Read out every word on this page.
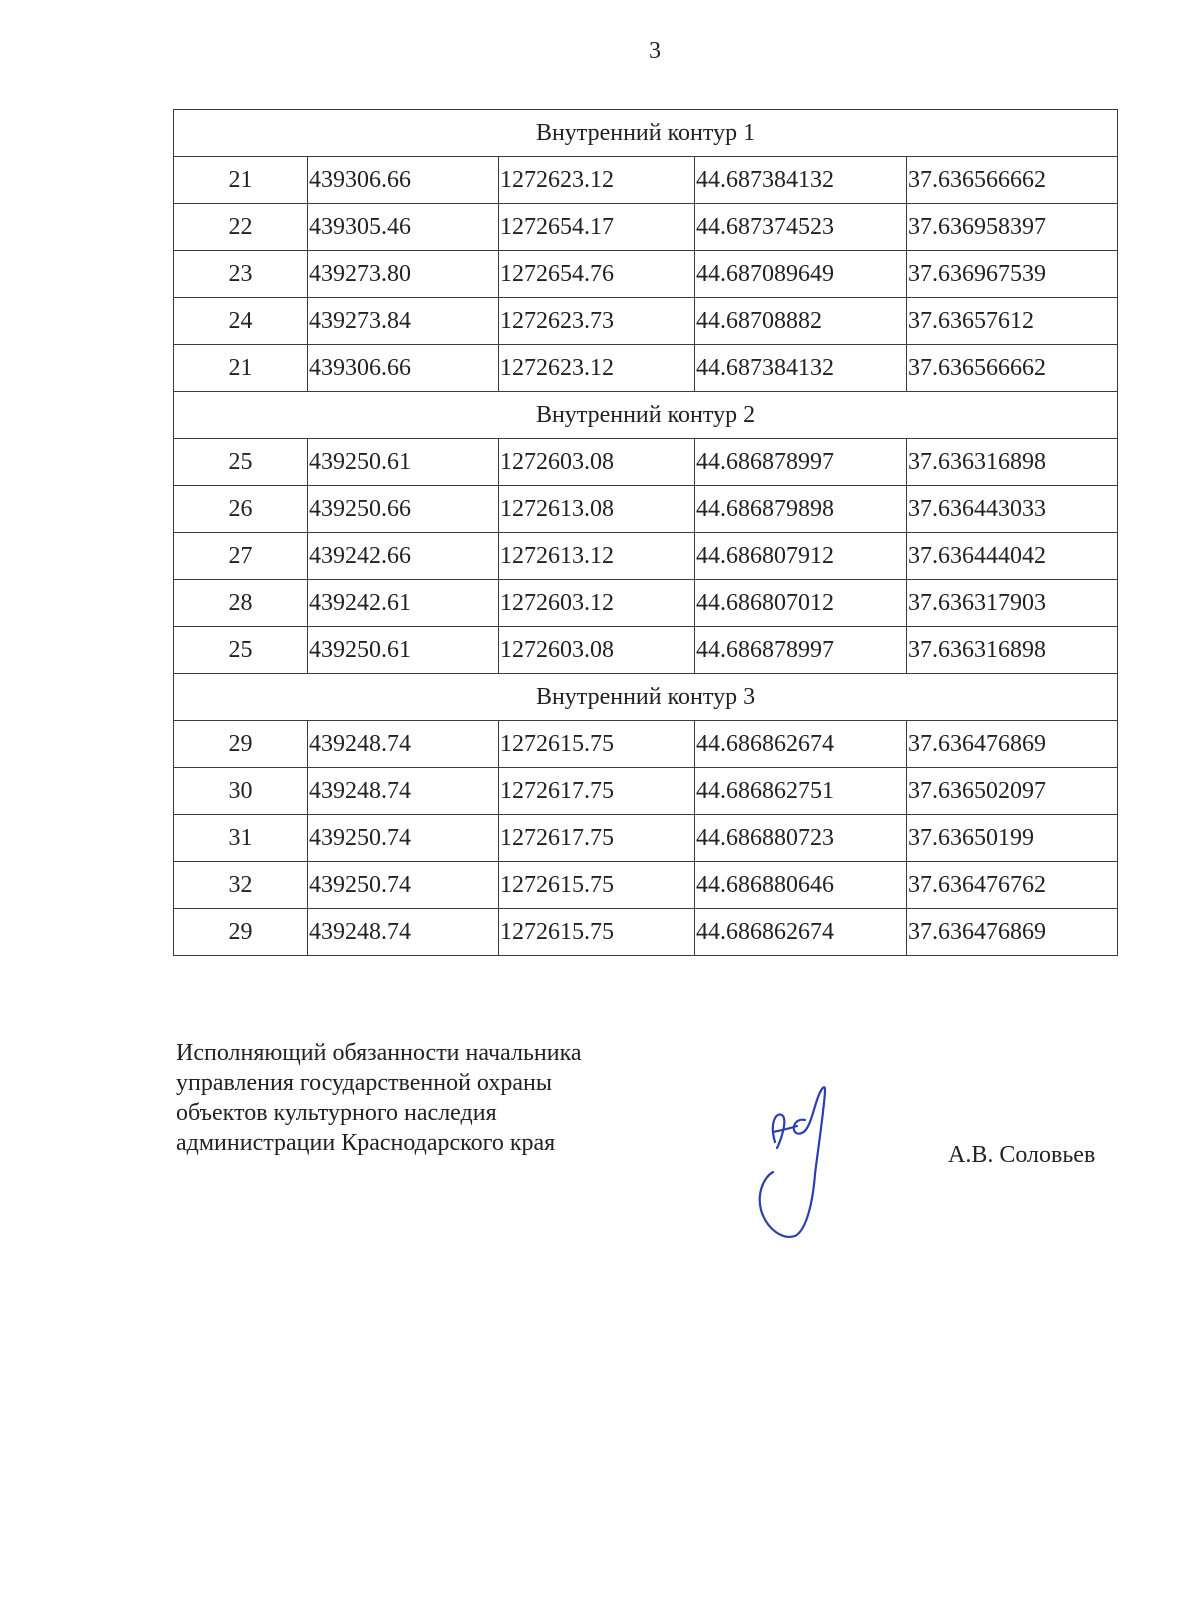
3
Внутренний контур 1				
21	439306.66	1272623.12	44.687384132	37.636566662
22	439305.46	1272654.17	44.687374523	37.636958397
23	439273.80	1272654.76	44.687089649	37.636967539
24	439273.84	1272623.73	44.68708882	37.63657612
21	439306.66	1272623.12	44.687384132	37.636566662
Внутренний контур 2				
25	439250.61	1272603.08	44.686878997	37.636316898
26	439250.66	1272613.08	44.686879898	37.636443033
27	439242.66	1272613.12	44.686807912	37.636444042
28	439242.61	1272603.12	44.686807012	37.636317903
25	439250.61	1272603.08	44.686878997	37.636316898
Внутренний контур 3				
29	439248.74	1272615.75	44.686862674	37.636476869
30	439248.74	1272617.75	44.686862751	37.636502097
31	439250.74	1272617.75	44.686880723	37.63650199
32	439250.74	1272615.75	44.686880646	37.636476762
29	439248.74	1272615.75	44.686862674	37.636476869
Исполняющий обязанности начальника
управления государственной охраны
объектов культурного наследия
администрации Краснодарского края	А.В. Соловьев
